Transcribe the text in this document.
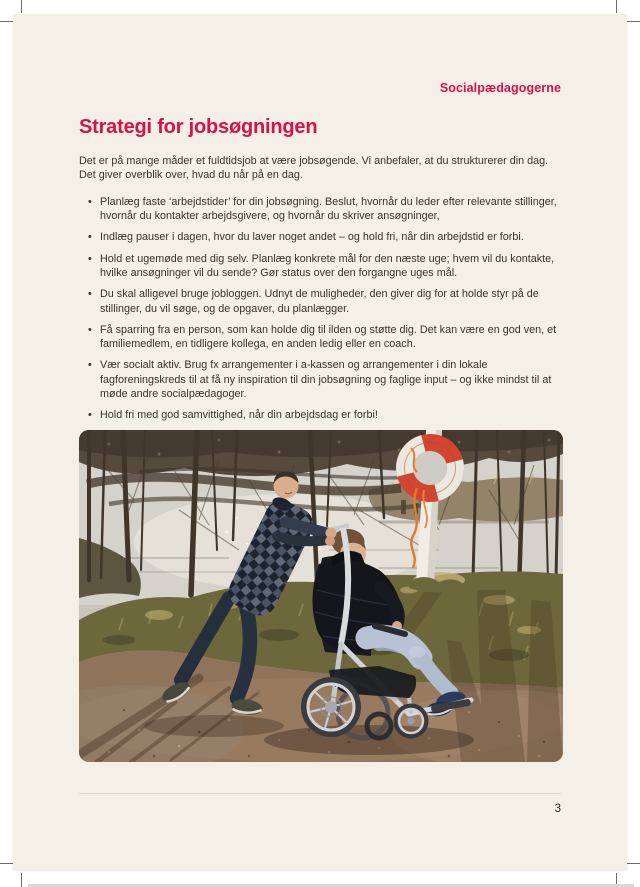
Socialpædagogerne
Strategi for jobsøgningen

Det er på mange måder et fuldtidsjob at være jobsøgende. Vi anbefaler, at du strukturerer din dag. Det giver overblik over, hvad du når på en dag.

• Planlæg faste ‘arbejdstider’ for din jobsøgning. Beslut, hvornår du leder efter relevante stillinger, hvornår du kontakter arbejdsgivere, og hvornår du skriver ansøgninger,
• Indlæg pauser i dagen, hvor du laver noget andet – og hold fri, når din arbejdstid er forbi.
• Hold et ugemøde med dig selv. Planlæg konkrete mål for den næste uge; hvem vil du kontakte, hvilke ansøgninger vil du sende? Gør status over den forgangne uges mål.
• Du skal alligevel bruge jobloggen. Udnyt de muligheder, den giver dig for at holde styr på de stillinger, du vil søge, og de opgaver, du planlægger.
• Få sparring fra en person, som kan holde dig til ilden og støtte dig. Det kan være en god ven, et familiemedlem, en tidligere kollega, en anden ledig eller en coach.
• Vær socialt aktiv. Brug fx arrangementer i a-kassen og arrangementer i din lokale fagforeningskreds til at få ny inspiration til din jobsøgning og faglige input – og ikke mindst til at møde andre socialpædagoger.
• Hold fri med god samvittighed, når din arbejdsdag er forbi!
3
